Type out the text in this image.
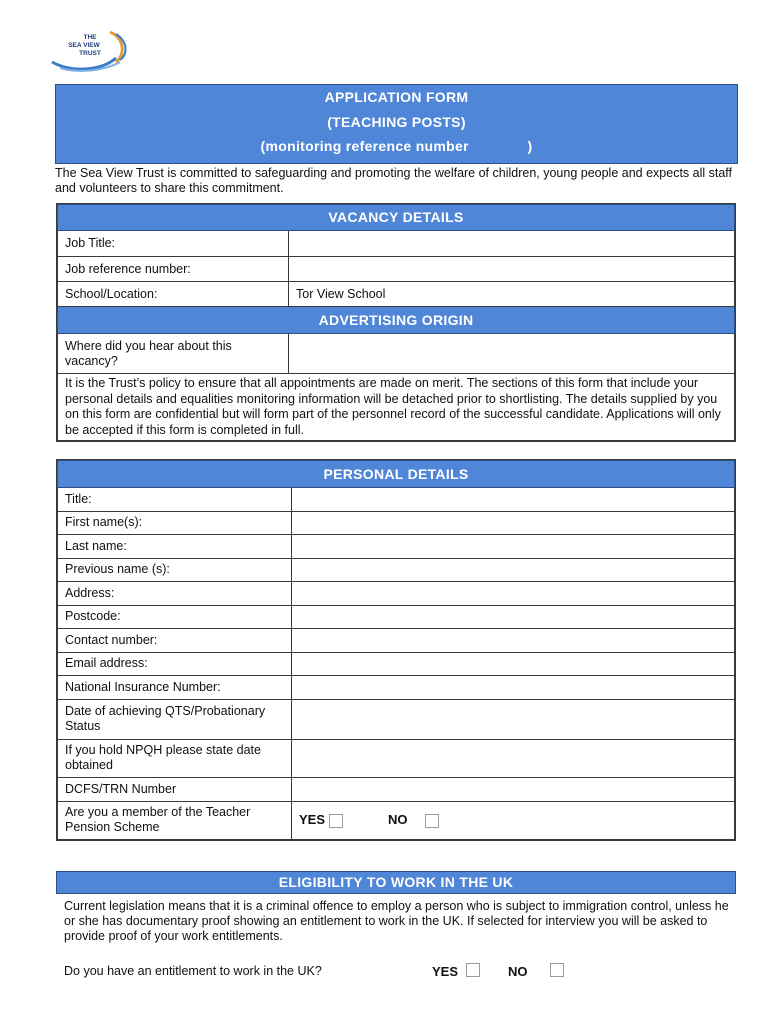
THE
SEA VIEW
TRUST
APPLICATION FORM
(TEACHING POSTS)
(monitoring reference number              )
The Sea View Trust is committed to safeguarding and promoting the welfare of children, young people and expects all staff and volunteers to share this commitment.
VACANCY DETAILS	
Job Title:	
Job reference number:	
School/Location:	Tor View School
ADVERTISING ORIGIN	
Where did you hear about this vacancy?	
It is the Trust’s policy to ensure that all appointments are made on merit. The sections of this form that include your personal details and equalities monitoring information will be detached prior to shortlisting. The details supplied by you on this form are confidential but will form part of the personnel record of the successful candidate. Applications will only be accepted if this form is completed in full.	
PERSONAL DETAILS	
Title:	
First name(s):	
Last name:	
Previous name (s):	
Address:	
Postcode:	
Contact number:	
Email address:	
National Insurance Number:	
Date of achieving QTS/Probationary Status	
If you hold NPQH please state date obtained	
DCFS/TRN Number	
Are you a member of the Teacher Pension Scheme	YES NO
ELIGIBILITY TO WORK IN THE UK
Current legislation means that it is a criminal offence to employ a person who is subject to immigration control, unless he or she has documentary proof showing an entitlement to work in the UK. If selected for interview you will be asked to provide proof of your work entitlements.
Do you have an entitlement to work in the UK?	YES	NO
